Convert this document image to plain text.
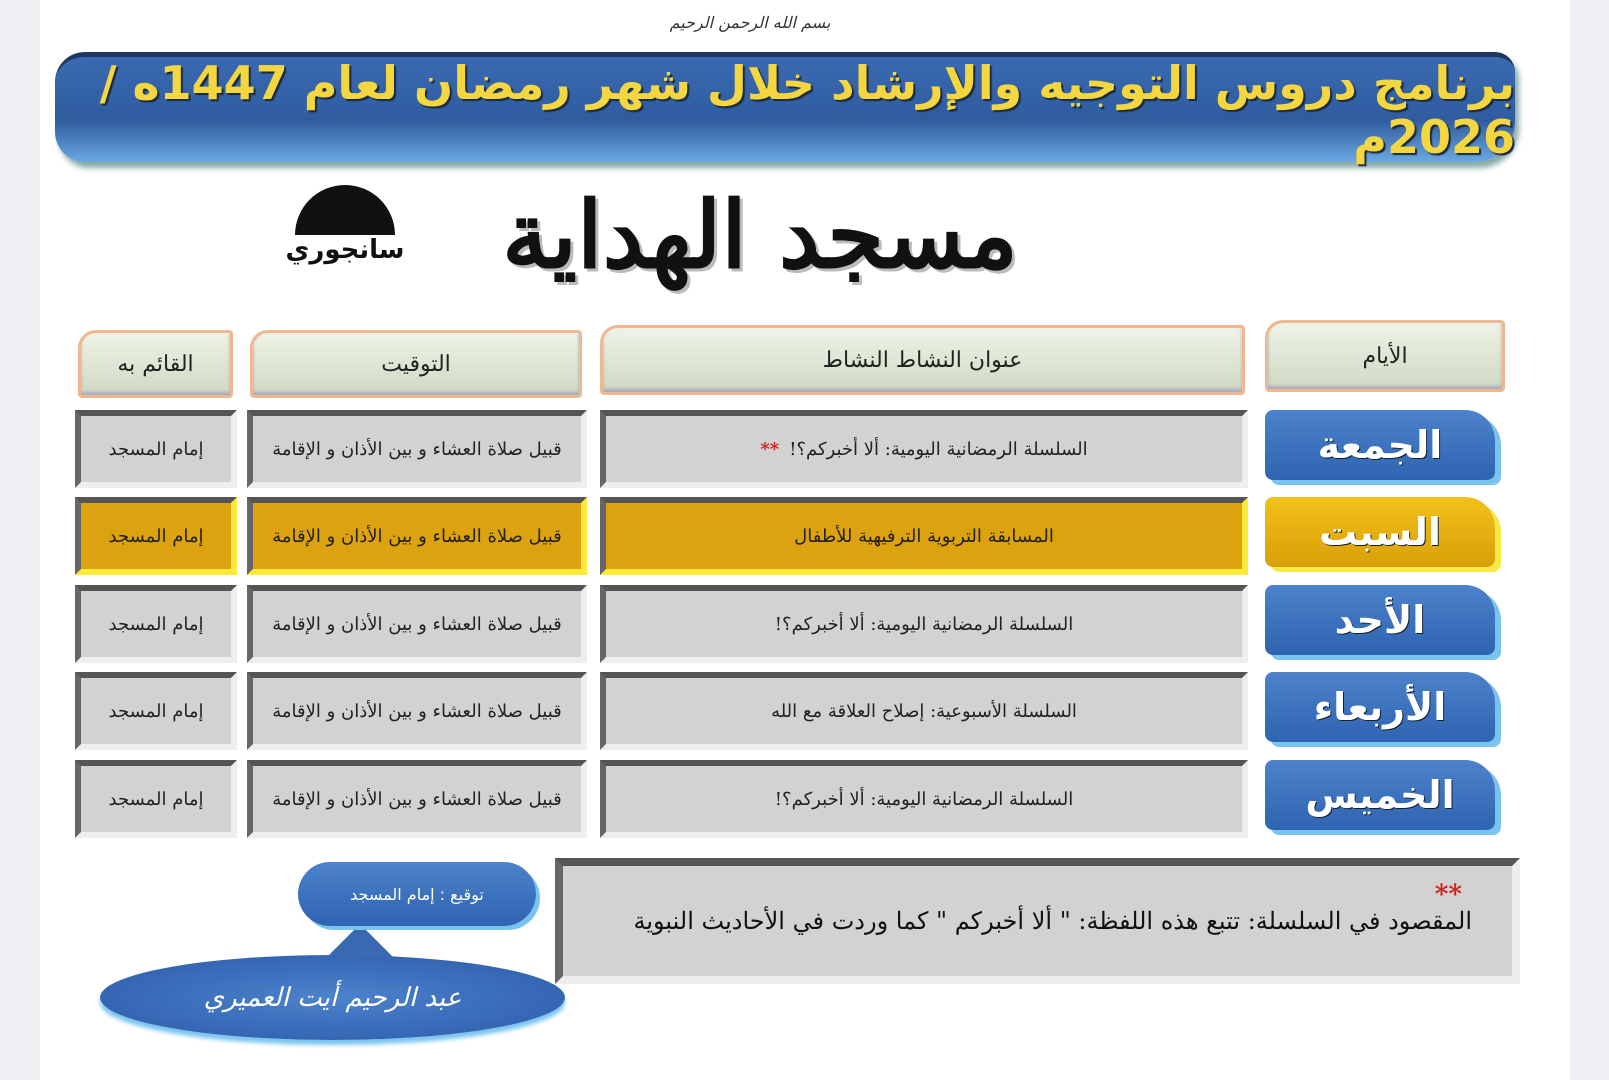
بسم الله الرحمن الرحيم
برنامج دروس التوجيه والإرشاد خلال شهر رمضان لعام 1447ه / 2026م
مسجد الهداية
سانجوري
الأيام
عنوان النشاط النشاط
التوقيت
القائم به
الجمعة
السلسلة الرمضانية اليومية: ألا أخبركم؟!
**
قبيل صلاة العشاء و بين الأذان و الإقامة
إمام المسجد
السبت
المسابقة التربوية الترفيهية للأطفال
قبيل صلاة العشاء و بين الأذان و الإقامة
إمام المسجد
الأحد
السلسلة الرمضانية اليومية: ألا أخبركم؟!
قبيل صلاة العشاء و بين الأذان و الإقامة
إمام المسجد
الأربعاء
السلسلة الأسبوعية: إصلاح العلاقة مع الله
قبيل صلاة العشاء و بين الأذان و الإقامة
إمام المسجد
الخميس
السلسلة الرمضانية اليومية: ألا أخبركم؟!
قبيل صلاة العشاء و بين الأذان و الإقامة
إمام المسجد
**
المقصود في السلسلة: تتبع هذه اللفظة: " ألا أخبركم " كما وردت في الأحاديث النبوية
توقيع : إمام المسجد
عبد الرحيم أيت العميري
